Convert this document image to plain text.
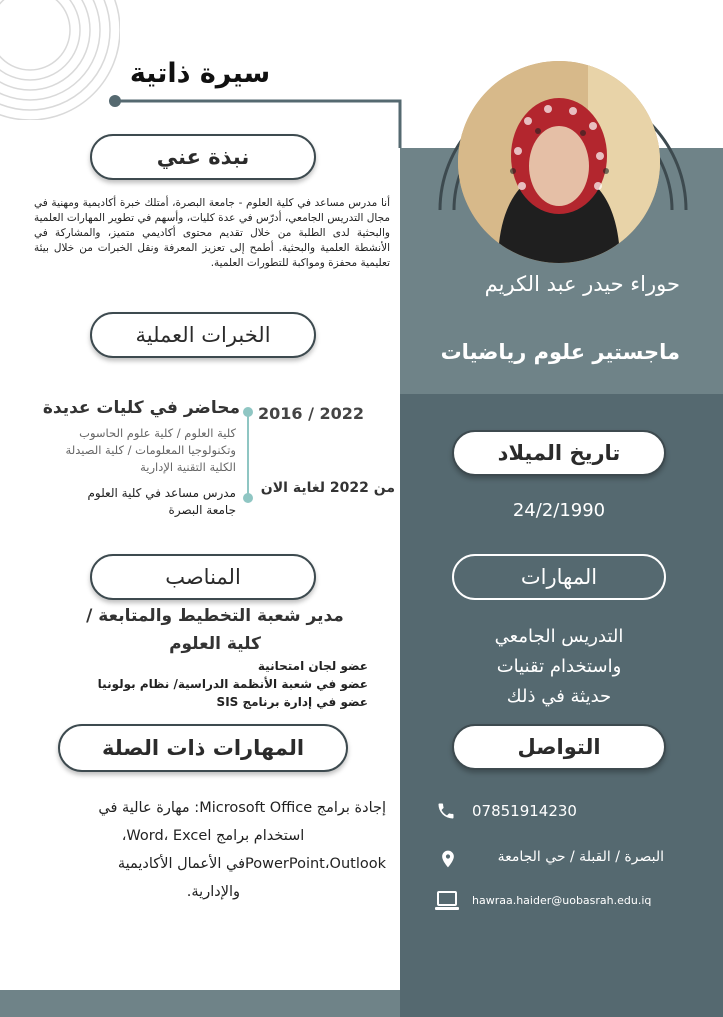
سيرة ذاتية
نبذة عني
أنا مدرس مساعد في كلية العلوم - جامعة البصرة، أمتلك خبرة أكاديمية ومهنية في مجال التدريس الجامعي، أدرّس في عدة كليات، وأسهم في تطوير المهارات العلمية والبحثية لدى الطلبة من خلال تقديم محتوى أكاديمي متميز، والمشاركة في الأنشطة العلمية والبحثية. أطمح إلى تعزيز المعرفة ونقل الخبرات من خلال بيئة تعليمية محفزة ومواكبة للتطورات العلمية.
الخبرات العملية
2016 / 2022
محاضر في كليات عديدة
كلية العلوم / كلية علوم الحاسوب
وتكنولوجيا المعلومات / كلية الصيدلة
الكلية التقنية الإدارية
من 2022 لغاية الان
مدرس مساعد في كلية العلوم
جامعة البصرة
المناصب
مدير شعبة التخطيط والمتابعة /
كلية العلوم
عضو لجان امتحانية
عضو في شعبة الأنظمة الدراسية/ نظام بولونيا
عضو في إدارة برنامج SIS
المهارات ذات الصلة
إجادة برامج Microsoft Office: مهارة عالية في
استخدام برامج Word، Excel،
PowerPoint،Outlookفي الأعمال الأكاديمية
والإدارية.
حوراء حيدر عبد الكريم
ماجستير علوم رياضيات
تاريخ الميلاد
24/2/1990
المهارات
التدريس الجامعي
واستخدام تقنيات
حديثة في ذلك
التواصل
07851914230
البصرة / القبلة / حي الجامعة
hawraa.haider@uobasrah.edu.iq
